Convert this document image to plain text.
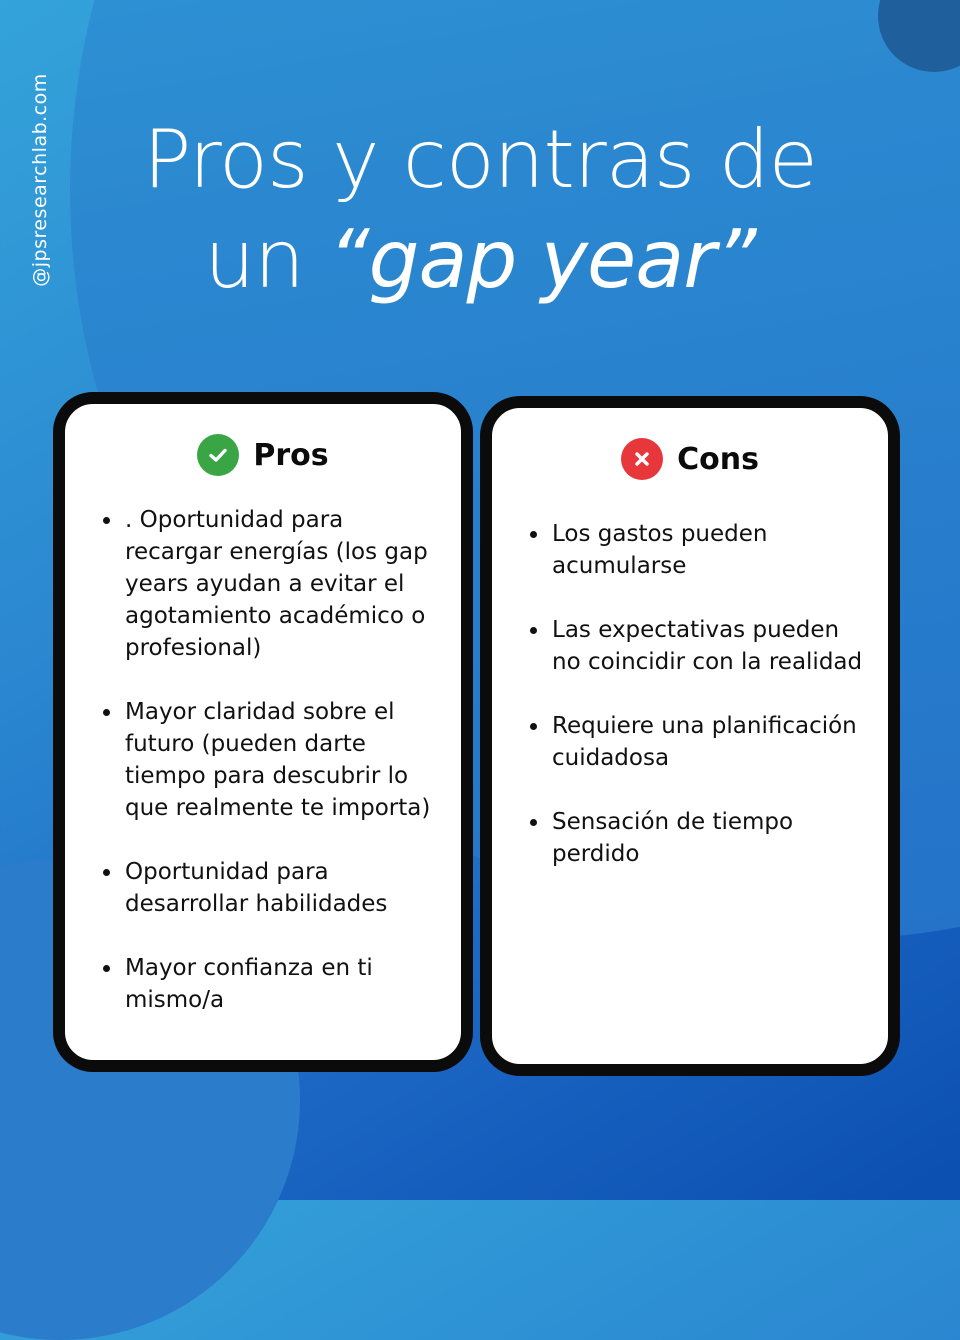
@jpsresearchlab.com	Pros y contras de
un “gap year”
Pros
. Oportunidad para recargar energías (los gap years ayudan a evitar el agotamiento académico o profesional)
Mayor claridad sobre el futuro (pueden darte tiempo para descubrir lo que realmente te importa)
Oportunidad para desarrollar habilidades
Mayor confianza en ti mismo/a
Cons
Los gastos pueden acumularse
Las expectativas pueden no coincidir con la realidad
Requiere una planificación cuidadosa
Sensación de tiempo perdido
